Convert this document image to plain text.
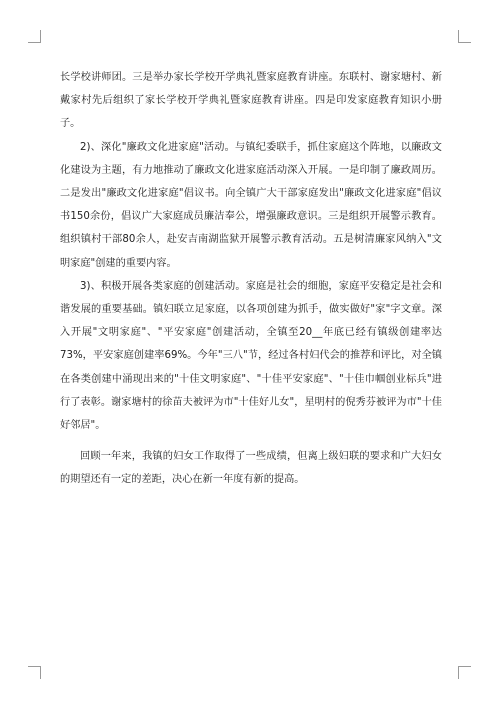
长学校讲师团。三是举办家长学校开学典礼暨家庭教育讲座。东联村、谢家塘村、新戴家村先后组织了家长学校开学典礼暨家庭教育讲座。四是印发家庭教育知识小册子。

2)、深化"廉政文化进家庭"活动。与镇纪委联手，抓住家庭这个阵地，以廉政文化建设为主题，有力地推动了廉政文化进家庭活动深入开展。一是印制了廉政周历。二是发出"廉政文化进家庭"倡议书。向全镇广大干部家庭发出"廉政文化进家庭"倡议书150余份，倡议广大家庭成员廉洁奉公，增强廉政意识。三是组织开展警示教育。组织镇村干部80余人，赴安吉南湖监狱开展警示教育活动。五是树清廉家风纳入"文明家庭"创建的重要内容。

3)、积极开展各类家庭的创建活动。家庭是社会的细胞，家庭平安稳定是社会和谐发展的重要基础。镇妇联立足家庭，以各项创建为抓手，做实做好"家"字文章。深入开展"文明家庭"、"平安家庭"创建活动，全镇至20__年底已经有镇级创建率达73%，平安家庭创建率69%。今年"三八"节，经过各村妇代会的推荐和评比，对全镇在各类创建中涌现出来的"十佳文明家庭"、"十佳平安家庭"、"十佳巾帼创业标兵"进行了表彰。谢家塘村的徐苗夫被评为市"十佳好儿女"，星明村的倪秀芬被评为市"十佳好邻居"。

回顾一年来，我镇的妇女工作取得了一些成绩，但离上级妇联的要求和广大妇女的期望还有一定的差距，决心在新一年度有新的提高。
